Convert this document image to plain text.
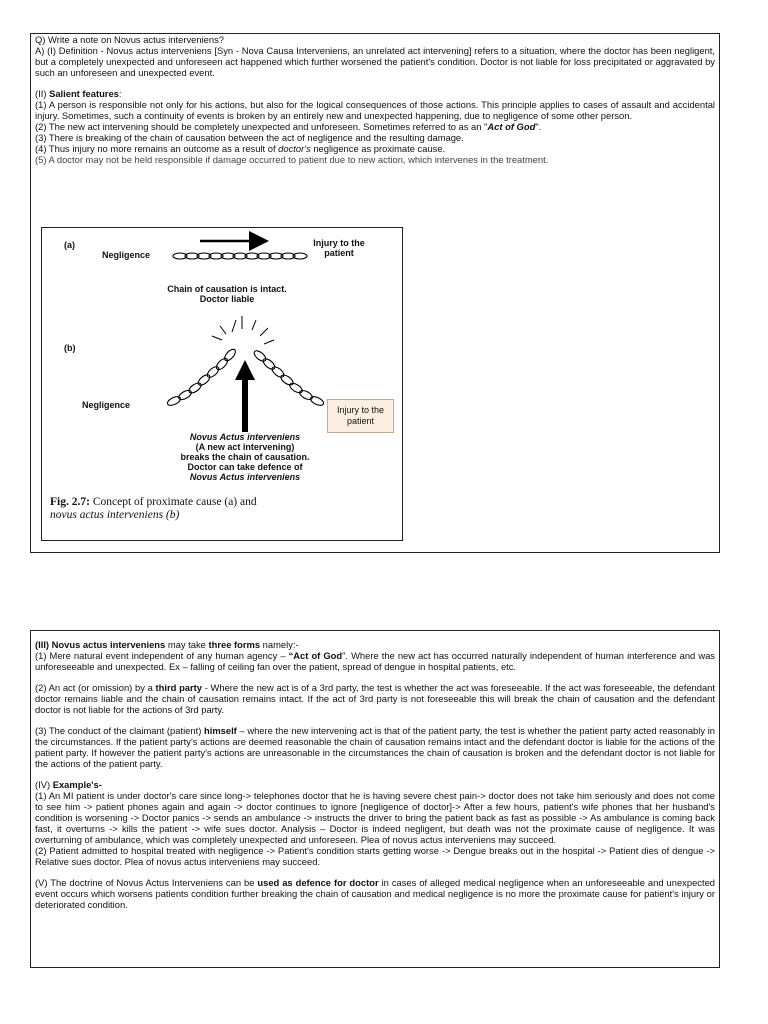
Q) Write a note on Novus actus interveniens?

A) (I) Definition - Novus actus interveniens [Syn - Nova Causa Interveniens, an unrelated act intervening] refers to a situation, where the doctor has been negligent, but a completely unexpected and unforeseen act happened which further worsened the patient's condition. Doctor is not liable for loss precipitated or aggravated by such an unforeseen and unexpected event.

(II) Salient features:

(1) A person is responsible not only for his actions, but also for the logical consequences of those actions. This principle applies to cases of assault and accidental injury. Sometimes, such a continuity of events is broken by an entirely new and unexpected happening, due to negligence of some other person.

(2) The new act intervening should be completely unexpected and unforeseen. Sometimes referred to as an "Act of God".

(3) There is breaking of the chain of causation between the act of negligence and the resulting damage.

(4) Thus injury no more remains an outcome as a result of doctor's negligence as proximate cause.

(5) A doctor may not be held responsible if damage occurred to patient due to new action, which intervenes in the treatment.

(a)
Negligence
Injury to the
patient
Chain of causation is intact.
Doctor liable
(b)
Negligence	Injury to the
patient
Novus Actus interveniens
(A new act intervening)
breaks the chain of causation.
Doctor can take defence of
Novus Actus interveniens
Fig. 2.7: Concept of proximate cause (a) and
novus actus interveniens (b)

(III) Novus actus interveniens may take three forms namely:-

(1) Mere natural event independent of any human agency – “Act of God". Where the new act has occurred naturally independent of human interference and was unforeseeable and unexpected. Ex – falling of ceiling fan over the patient, spread of dengue in hospital patients, etc.

(2) An act (or omission) by a third party - Where the new act is of a 3rd party, the test is whether the act was foreseeable. If the act was foreseeable, the defendant doctor remains liable and the chain of causation remains intact. If the act of 3rd party is not foreseeable this will break the chain of causation and the defendant doctor is not liable for the actions of 3rd party.

(3) The conduct of the claimant (patient) himself – where the new intervening act is that of the patient party, the test is whether the patient party acted reasonably in the circumstances. If the patient party's actions are deemed reasonable the chain of causation remains intact and the defendant doctor is liable for the actions of the patient party. If however the patient party's actions are unreasonable in the circumstances the chain of causation is broken and the defendant doctor is not liable for the actions of the patient party.

(IV) Example's-

(1) An MI patient is under doctor's care since long-> telephones doctor that he is having severe chest pain-> doctor does not take him seriously and does not come to see him -> patient phones again and again -> doctor continues to ignore [negligence of doctor]-> After a few hours, patient's wife phones that her husband's condition is worsening -> Doctor panics -> sends an ambulance -> instructs the driver to bring the patient back as fast as possible -> As ambulance is coming back fast, it overturns -> kills the patient -> wife sues doctor. Analysis – Doctor is indeed negligent, but death was not the proximate cause of negligence. It was overturning of ambulance, which was completely unexpected and unforeseen. Plea of novus actus interveniens may succeed.

(2) Patient admitted to hospital treated with negligence -> Patient's condition starts getting worse -> Dengue breaks out in the hospital -> Patient dies of dengue -> Relative sues doctor. Plea of novus actus interveniens may succeed.

(V) The doctrine of Novus Actus Interveniens can be used as defence for doctor in cases of alleged medical negligence when an unforeseeable and unexpected event occurs which worsens patients condition further breaking the chain of causation and medical negligence is no more the proximate cause for patient's injury or deteriorated condition.
